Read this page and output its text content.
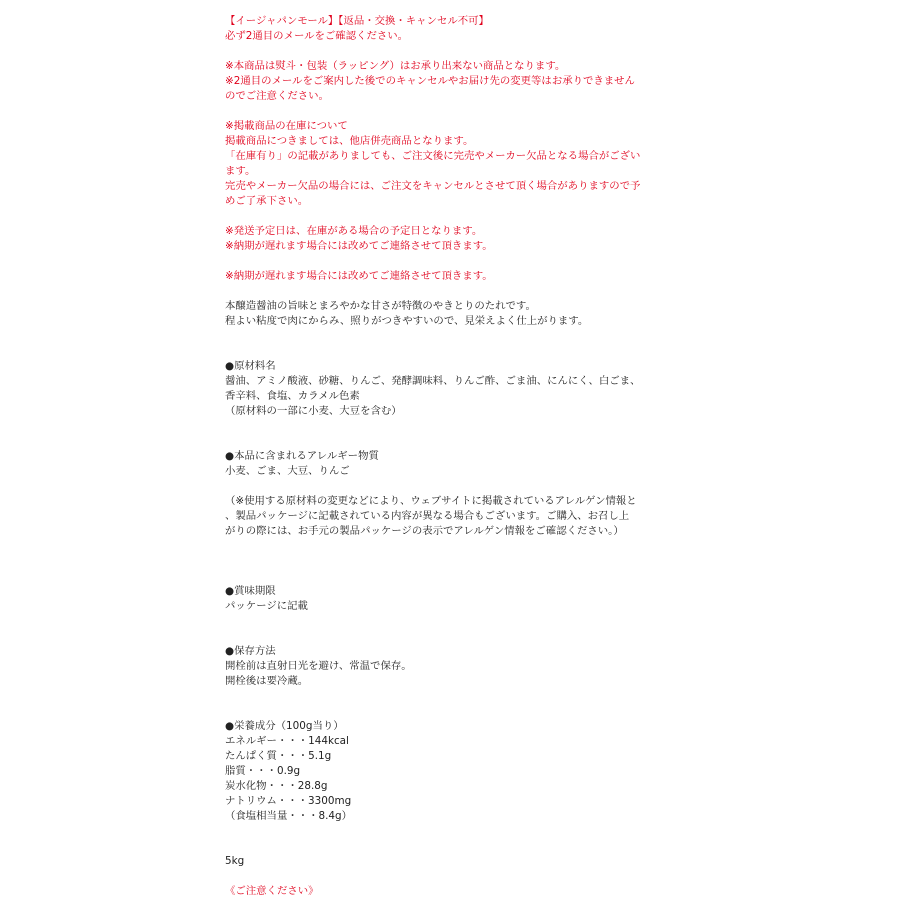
【イージャパンモール】【返品・交換・キャンセル不可】
必ず2通目のメールをご確認ください。
※本商品は熨斗・包装（ラッピング）はお承り出来ない商品となります。
※2通目のメールをご案内した後でのキャンセルやお届け先の変更等はお承りできません
のでご注意ください。
※掲載商品の在庫について
掲載商品につきましては、他店併売商品となります。
「在庫有り」の記載がありましても、ご注文後に完売やメーカー欠品となる場合がござい
ます。
完売やメーカー欠品の場合には、ご注文をキャンセルとさせて頂く場合がありますので予
めご了承下さい。
※発送予定日は、在庫がある場合の予定日となります。
※納期が遅れます場合には改めてご連絡させて頂きます。
※納期が遅れます場合には改めてご連絡させて頂きます。
本醸造醤油の旨味とまろやかな甘さが特徴のやきとりのたれです。
程よい粘度で肉にからみ、照りがつきやすいので、見栄えよく仕上がります。
●原材料名
醤油、アミノ酸液、砂糖、りんご、発酵調味料、りんご酢、ごま油、にんにく、白ごま、
香辛料、食塩、カラメル色素
（原材料の一部に小麦、大豆を含む）
●本品に含まれるアレルギー物質
小麦、ごま、大豆、りんご
（※使用する原材料の変更などにより、ウェブサイトに掲載されているアレルゲン情報と
、製品パッケージに記載されている内容が異なる場合もございます。ご購入、お召し上
がりの際には、お手元の製品パッケージの表示でアレルゲン情報をご確認ください。）
●賞味期限
パッケージに記載
●保存方法
開栓前は直射日光を避け、常温で保存。
開栓後は要冷蔵。
●栄養成分（100g当り）
エネルギー・・・144kcal
たんぱく質・・・5.1g
脂質・・・0.9g
炭水化物・・・28.8g
ナトリウム・・・3300mg
（食塩相当量・・・8.4g）
5kg
《ご注意ください》
